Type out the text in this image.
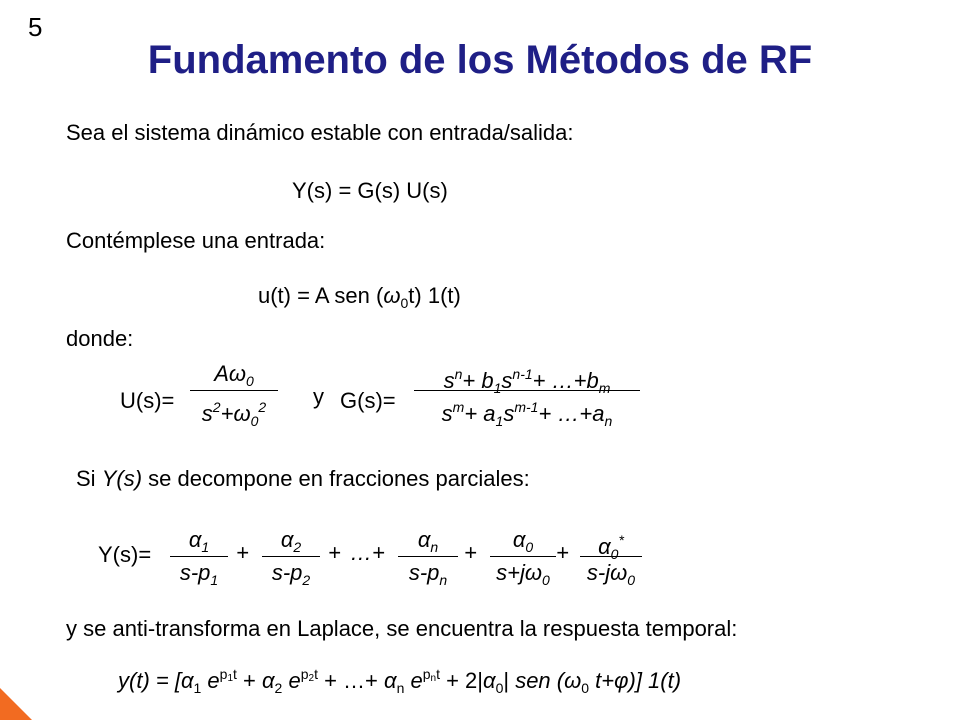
5
Fundamento de los Métodos de RF
Sea el sistema dinámico estable con entrada/salida:
Y(s) = G(s) U(s)
Contémplese una entrada:
u(t) = A sen $(\omega_0t)$ 1(t)
donde:
U(s)=
$A\omega_0$
$s^2+\omega_0^2$ y G(s)=
$s^n+ b_1s^{n-1}+$ $\dots+b_m$
$s^m+ a_1s^{m-1}+$ $\dots+a_n$
Si Y(s) se decompone en fracciones parciales:
Y(s)=
$\alpha_1$
$s-p_1$
+
$\alpha_2$
$s-p_2$
+ …+
$\alpha_n$
$s-p_n$
+
$\alpha_0$
$s+j\omega_0$
+ $\alpha_0^*$
$s-j\omega_0$
y se anti-transforma en Laplace, se encuentra la respuesta temporal:
$y(t) = [\alpha_1$ $e^{p_1t} + \alpha_2$ $e^{p_2t}$ + …+ $\alpha_n$ $e^{p_nt} + 2|\alpha_0|$ sen ($\omega_0$ t+φ)] 1(t)
